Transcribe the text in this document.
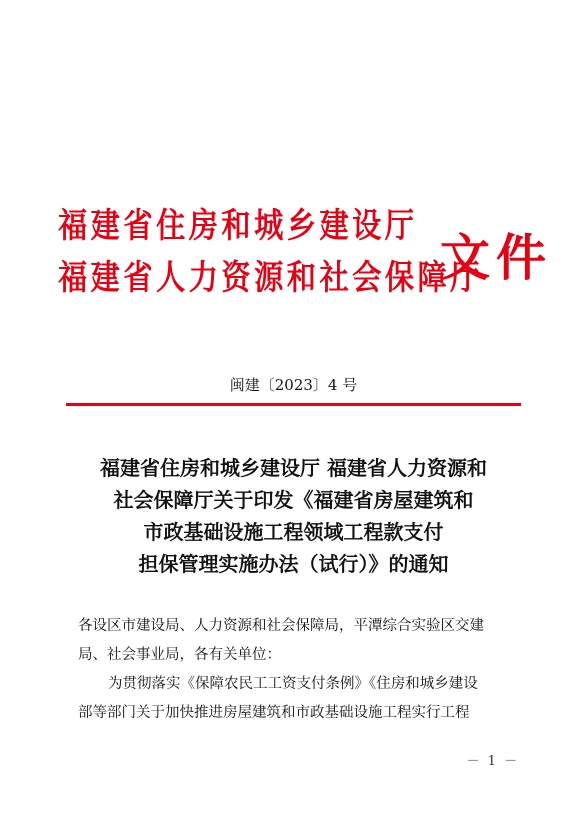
福建省住房和城乡建设厅
福建省人力资源和社会保障厅
文件
闽建〔2023〕4 号
福建省住房和城乡建设厅 福建省人力资源和
社会保障厅关于印发《福建省房屋建筑和
市政基础设施工程领域工程款支付
担保管理实施办法（试行）》的通知
各设区市建设局、人力资源和社会保障局，平潭综合实验区交建
局、社会事业局，各有关单位：
为贯彻落实《保障农民工工资支付条例》《住房和城乡建设
部等部门关于加快推进房屋建筑和市政基础设施工程实行工程
－ 1 －
